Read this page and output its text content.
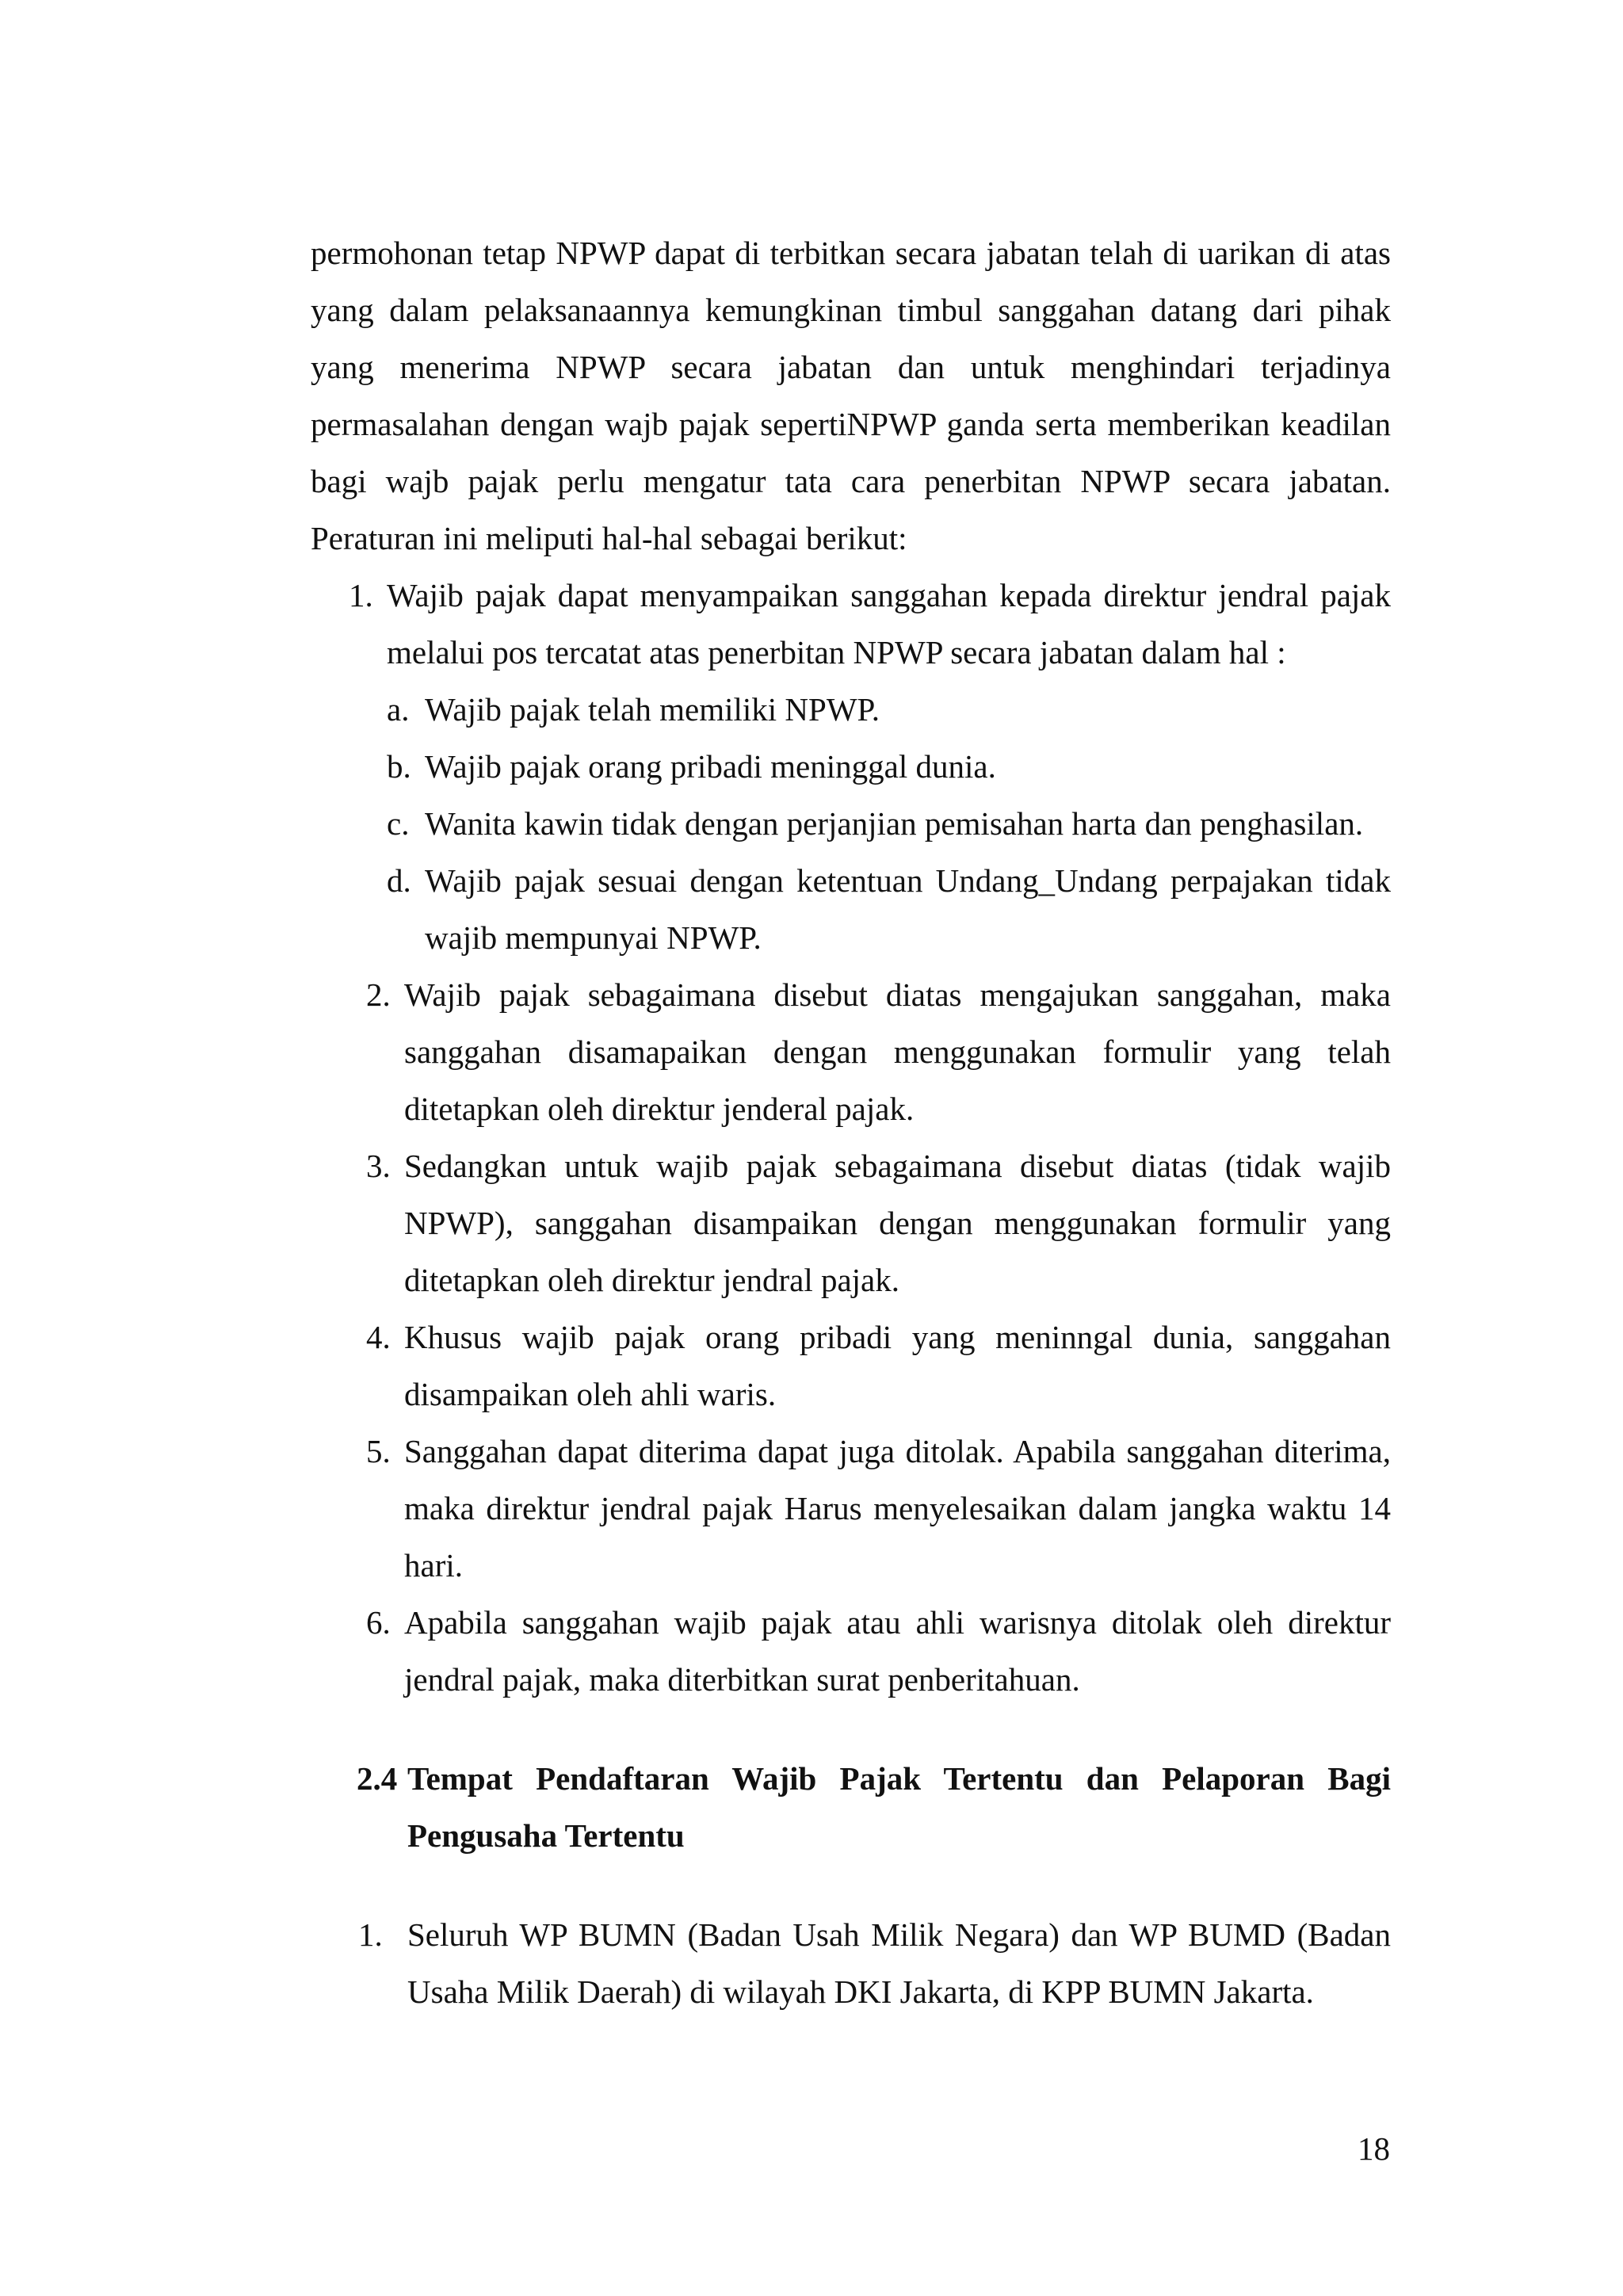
permohonan tetap NPWP dapat di terbitkan secara jabatan telah di uarikan di atas
yang dalam pelaksanaannya kemungkinan timbul sanggahan datang dari pihak
yang menerima NPWP secara jabatan dan untuk menghindari terjadinya
permasalahan dengan wajb pajak sepertiNPWP ganda serta memberikan keadilan
bagi wajb pajak perlu mengatur tata cara penerbitan NPWP secara jabatan.
Peraturan ini meliputi hal-hal sebagai berikut:
1. Wajib pajak dapat menyampaikan sanggahan kepada direktur jendral pajak
melalui pos tercatat atas penerbitan NPWP secara jabatan dalam hal :
a. Wajib pajak telah memiliki NPWP.
b. Wajib pajak orang pribadi meninggal dunia.
c. Wanita kawin tidak dengan perjanjian pemisahan harta dan penghasilan.
d. Wajib pajak sesuai dengan ketentuan Undang_Undang perpajakan tidak
wajib mempunyai NPWP.
2. Wajib pajak sebagaimana disebut diatas mengajukan sanggahan, maka
sanggahan disamapaikan dengan menggunakan formulir yang telah
ditetapkan oleh direktur jenderal pajak.
3. Sedangkan untuk wajib pajak sebagaimana disebut diatas (tidak wajib
NPWP), sanggahan disampaikan dengan menggunakan formulir yang
ditetapkan oleh direktur jendral pajak.
4. Khusus wajib pajak orang pribadi yang meninngal dunia, sanggahan
disampaikan oleh ahli waris.
5. Sanggahan dapat diterima dapat juga ditolak. Apabila sanggahan diterima,
maka direktur jendral pajak Harus menyelesaikan dalam jangka waktu 14
hari.
6. Apabila sanggahan wajib pajak atau ahli warisnya ditolak oleh direktur
jendral pajak, maka diterbitkan surat penberitahuan.
2.4 Tempat Pendaftaran Wajib Pajak Tertentu dan Pelaporan Bagi
Pengusaha Tertentu
1. Seluruh WP BUMN (Badan Usah Milik Negara) dan WP BUMD (Badan
Usaha Milik Daerah) di wilayah DKI Jakarta, di KPP BUMN Jakarta.
18
